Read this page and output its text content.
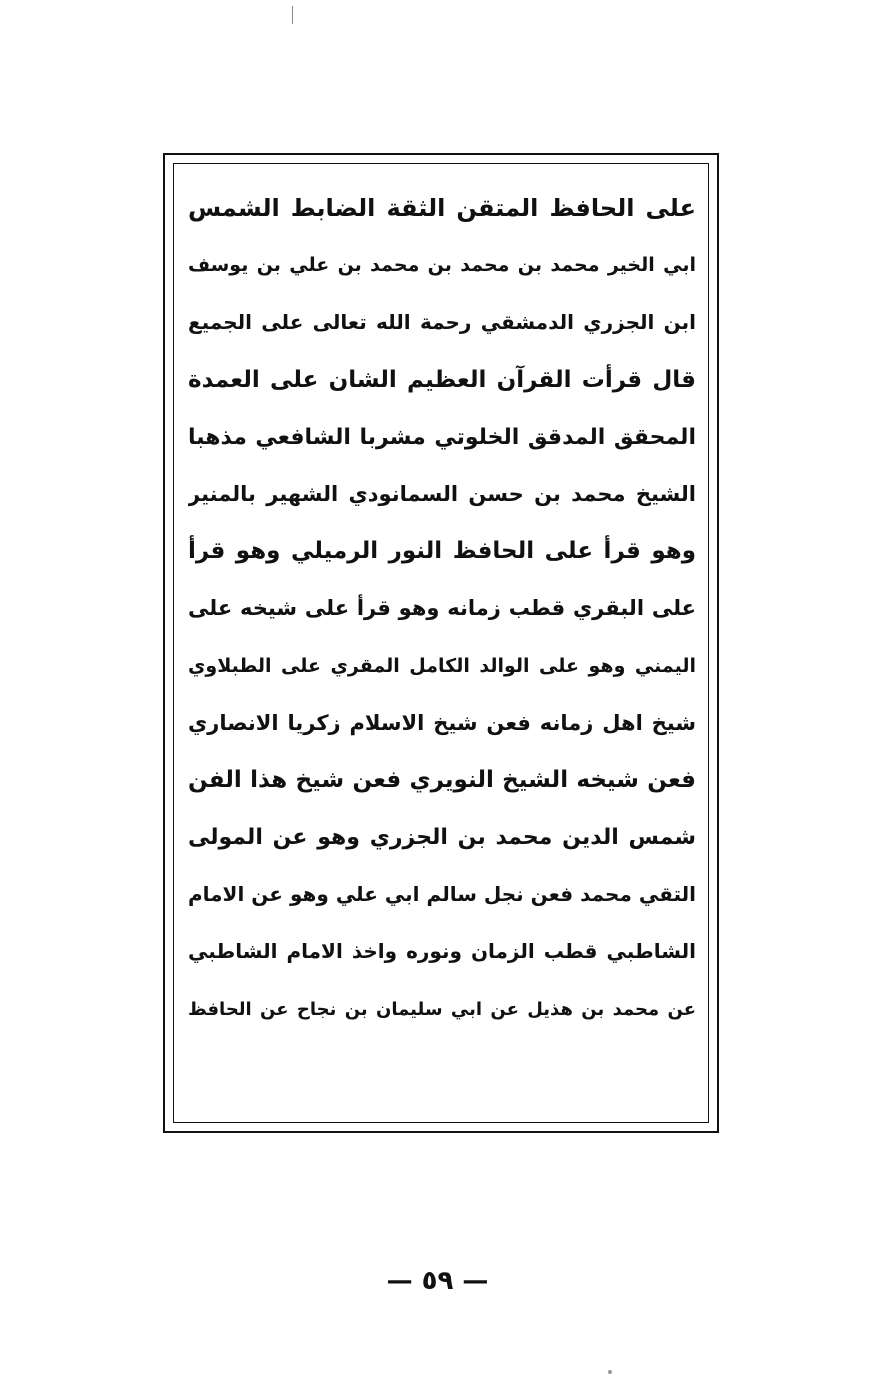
على الحافظ المتقن الثقة الضابط الشمس
ابي الخير محمد بن محمد بن محمد بن علي بن يوسف
ابن الجزري الدمشقي رحمة الله تعالى على الجميع
قال قرأت القرآن العظيم الشان على العمدة
المحقق المدقق الخلوتي مشربا الشافعي مذهبا
الشيخ محمد بن حسن السمانودي الشهير بالمنير
وهو قرأ على الحافظ النور الرميلي وهو قرأ
على البقري قطب زمانه وهو قرأ على شيخه على
اليمني وهو على الوالد الكامل المقري على الطبلاوي
شيخ اهل زمانه فعن شيخ الاسلام زكريا الانصاري
فعن شيخه الشيخ النويري فعن شيخ هذا الفن
شمس الدين محمد بن الجزري وهو عن المولى
التقي محمد فعن نجل سالم ابي علي وهو عن الامام
الشاطبي قطب الزمان ونوره واخذ الامام الشاطبي
عن محمد بن هذيل عن ابي سليمان بن نجاح عن الحافظ
— ٥٩ —
